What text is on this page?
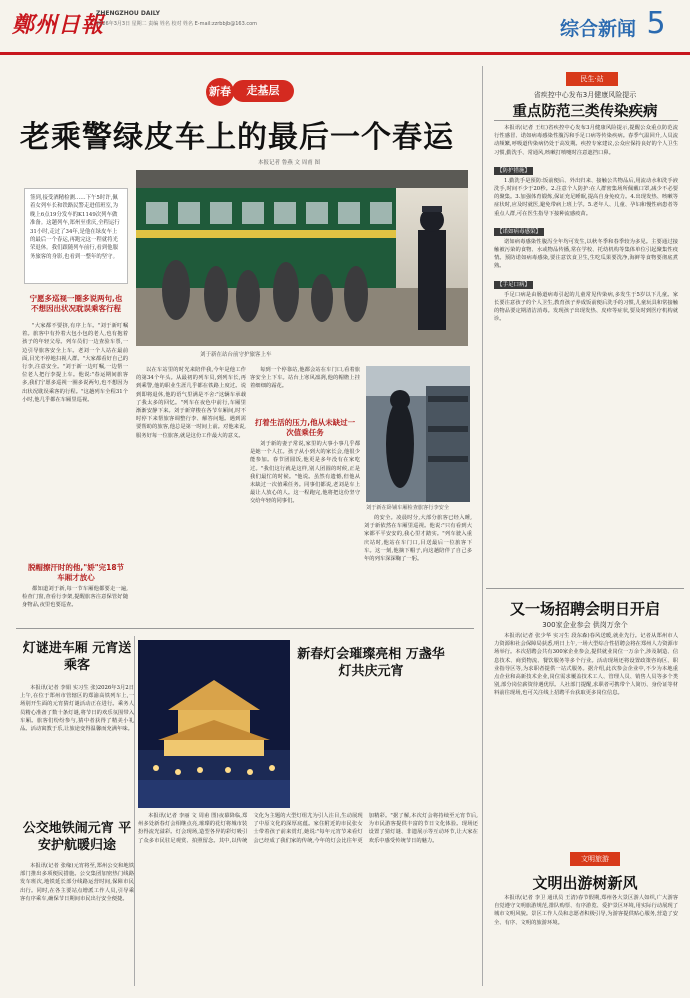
鄭州日報
ZHENGZHOU DAILY
2026年3月3日 星期二 责编 姓名 校对 姓名 E-mail:zzrbbjb@163.com	综合新闻 5
新春	走基层
老乘警绿皮车上的最后一个春运
本报记者 鲁燕 文 周甫 图
签到,接受酒精检测……下午5时许,佩着女列车长和铁路民警走进值班室,为晚上6点19分发车的K1149次列车做准备。这趟列车,郑州至重庆,全程运行31小时,走过了34年,是他在绿皮车上的最后一个春运,再跑完这一程就将光荣退休。我们跟随列车前行,看到他服务旅客的身影,也看到一整年的坚守。
刘于新在站台前守护旅客上车
宁愿多巡视一圈多说两句,也不想因出状况耽误乘客行程
"大家都不要挤,有序上车。"刘于新叮嘱着。旅客中有拎着大包小包的老人,也有抱着孩子的年轻父母。列车员们一边查验车票,一边引导旅客安全上车。老刘一个人站在最前面,目光不停地扫视人群。"大家都看好自己的行李,注意安全。"刘于新一边叮嘱,一边帮一位老人把行李提上车。他说:"春运期间旅客多,我们宁愿多巡视一圈多说两句,也不想因为出状况耽误乘客的行程。"这趟列车全程31个小时,他几乎都在车厢里巡视。
脱帽擦汗时的他,"娇"完18节车厢才放心
都知道刘于新,每一节车厢他都要走一遍,检查门窗,查看行李架,提醒旅客注意保管好随身物品,夜里也要巡查。
以在车站里的时光来陪伴我,今年是他工作的第34个年头。从最初的列车员,到列车长,再到乘警,他的职业生涯几乎都在铁路上度过。说到即将退休,他的语气里满是不舍:"这辆车承载了我太多的回忆。"列车在夜色中前行,车厢里渐渐安静下来。刘于新穿梭在各节车厢间,时不时停下来帮旅客调整行李、解答问题。遇到需要帮助的旅客,他总是第一时间上前。对他来说,服务好每一位旅客,就是这份工作最大的意义。
每到一个停靠站,他都会站在车门口,看着旅客安全上下车。站台上寒风凛冽,他的帽檐上挂着细细的霜花。
打着生活的压力,他从未缺过一次值乘任务
刘于新的妻子常说,家里的大事小事几乎都是她一个人扛。孩子从小到大的家长会,他很少能参加。春节团圆饭,他更是多年没有在家吃过。"我们这行就是这样,别人团圆的时候,正是我们最忙的时候。"他说。虽然有遗憾,但他从未缺过一次值乘任务。同事们都说,老刘是车上最让人放心的人。这一程跑完,他将把这份坚守交给年轻的同事们。
刘于新在卧铺车厢检查旅客行李安全
的安全。凌晨时分,大部分旅客已经入睡,刘于新依然在车厢里巡视。他说:"只有看到大家都平平安安的,我心里才踏实。"列车驶入重庆站时,他站在车门口,目送最后一位旅客下车。这一刻,他摘下帽子,向这趟陪伴了自己多年的列车深深鞠了一躬。
民生·站
省疾控中心发布3月健康风险提示
重点防范三类传染疾病

本报讯(记者 王红)省疾控中心发布3月健康风险提示,提醒公众重点防范流行性感冒、诺如病毒感染性腹泻和手足口病等传染疾病。春季气温回升,人员流动频繁,呼吸道传染病仍处于高发期。疾控专家建议,公众应保持良好的个人卫生习惯,勤洗手、常通风,咳嗽打喷嚏时注意遮挡口鼻。

【防护措施】

1.勤洗手是预防:饭前便后、外出归来、接触公共物品后,用流动水和洗手液洗手,时间不少于20秒。2.注意个人防护:在人群密集场所佩戴口罩,减少不必要的聚集。3.加强体育锻炼,保证充足睡眠,提高自身免疫力。4.出现发热、咳嗽等症状时,应及时就医,避免带病上班上学。5.老年人、儿童、孕妇和慢性病患者等重点人群,可在医生指导下接种流感疫苗。

【诺如病毒感染】

诺如病毒感染性腹泻全年均可发生,以秋冬季和春季较为多见。主要通过接触被污染的食物、水或物品传播,常在学校、托幼机构等集体单位引起聚集性疫情。预防诺如病毒感染,要注意饮食卫生,生吃瓜果要洗净,海鲜等食物要彻底煮熟。

【手足口病】

手足口病是由肠道病毒引起的儿童常见传染病,多发生于5岁以下儿童。家长要注意孩子的个人卫生,教育孩子养成饭前便后洗手的习惯,儿童玩具和常接触的物品要定期清洁消毒。发现孩子出现发热、皮疹等症状,要及时到医疗机构就诊。

灯谜进车厢 元宵送乘客
本报讯(记者 李娟 实习生 张)2026年3月2日上午,在位于郑州市管辖区的郑渝高铁列车上,一场别开生面的元宵猜灯谜活动正在进行。乘务人员精心准备了数十条灯谜,将节日的欢乐氛围带入车厢。旅客们纷纷参与,猜中者获得了精美小礼品。活动寓教于乐,让旅途变得温馨而充满年味。
新春灯会璀璨亮相 万盏华灯共庆元宵
本报讯(记者 李丽 文 周甫 图)夜幕降临,郑州多处新春灯会相继点亮,璀璨的花灯将城市装扮得流光溢彩。灯会现场,造型各异的彩灯吸引了众多市民驻足观赏、拍照留念。其中,以传统文化为主题的大型灯组尤为引人注目,生动展现了中原文化的深厚底蕴。家住附近的市民张女士带着孩子前来赏灯,她说:"每年元宵节来看灯会已经成了我们家的传统,今年的灯会比往年更加精彩。"据了解,本次灯会将持续至元宵节后,为市民游客提供丰富的节日文化体验。现场还设置了猜灯谜、非遗展示等互动环节,让大家在欢乐中感受传统节日的魅力。
公交地铁闹元宵 平安护航暖归途
本报讯(记者 张缘)元宵将至,郑州公交和地铁部门推出多项便民措施。公交集团加密热门线路发车班次,地铁延长部分线路运营时间,保障市民出行。同时,在各主要站点增派工作人员,引导乘客有序乘车,确保节日期间市民出行安全便捷。
又一场招聘会明日开启
300家企业参会 供岗万余个
本报讯(记者 张少华 实习生 段东森)春风送暖,就业先行。记者从郑州市人力资源和社会保障局获悉,明日上午,一场大型综合性招聘会将在郑州人力资源市场举行。本次招聘会共有300家企业参会,提供就业岗位一万余个,涉及制造、信息技术、商贸物流、餐饮服务等多个行业。活动现场还将设置政策咨询区、职业指导区等,为求职者提供一站式服务。据介绍,此次参会企业中,不少为本地重点企业和高新技术企业,岗位需求覆盖技术工人、管理人员、销售人员等多个类别,部分岗位薪资待遇优厚。人社部门提醒,求职者可携带个人简历、身份证等材料前往现场,也可关注线上招聘平台获取更多岗位信息。
文明旅游
文明出游树新风
本报讯(记者 李卫 通讯员 王清)春节假期,郑州各大景区游人如织,广大游客自觉遵守文明旅游规范,排队购票、有序游览、爱护景区环境,用实际行动展现了城市文明风貌。景区工作人员和志愿者积极引导,为游客提供贴心服务,营造了安全、有序、文明的旅游环境。
